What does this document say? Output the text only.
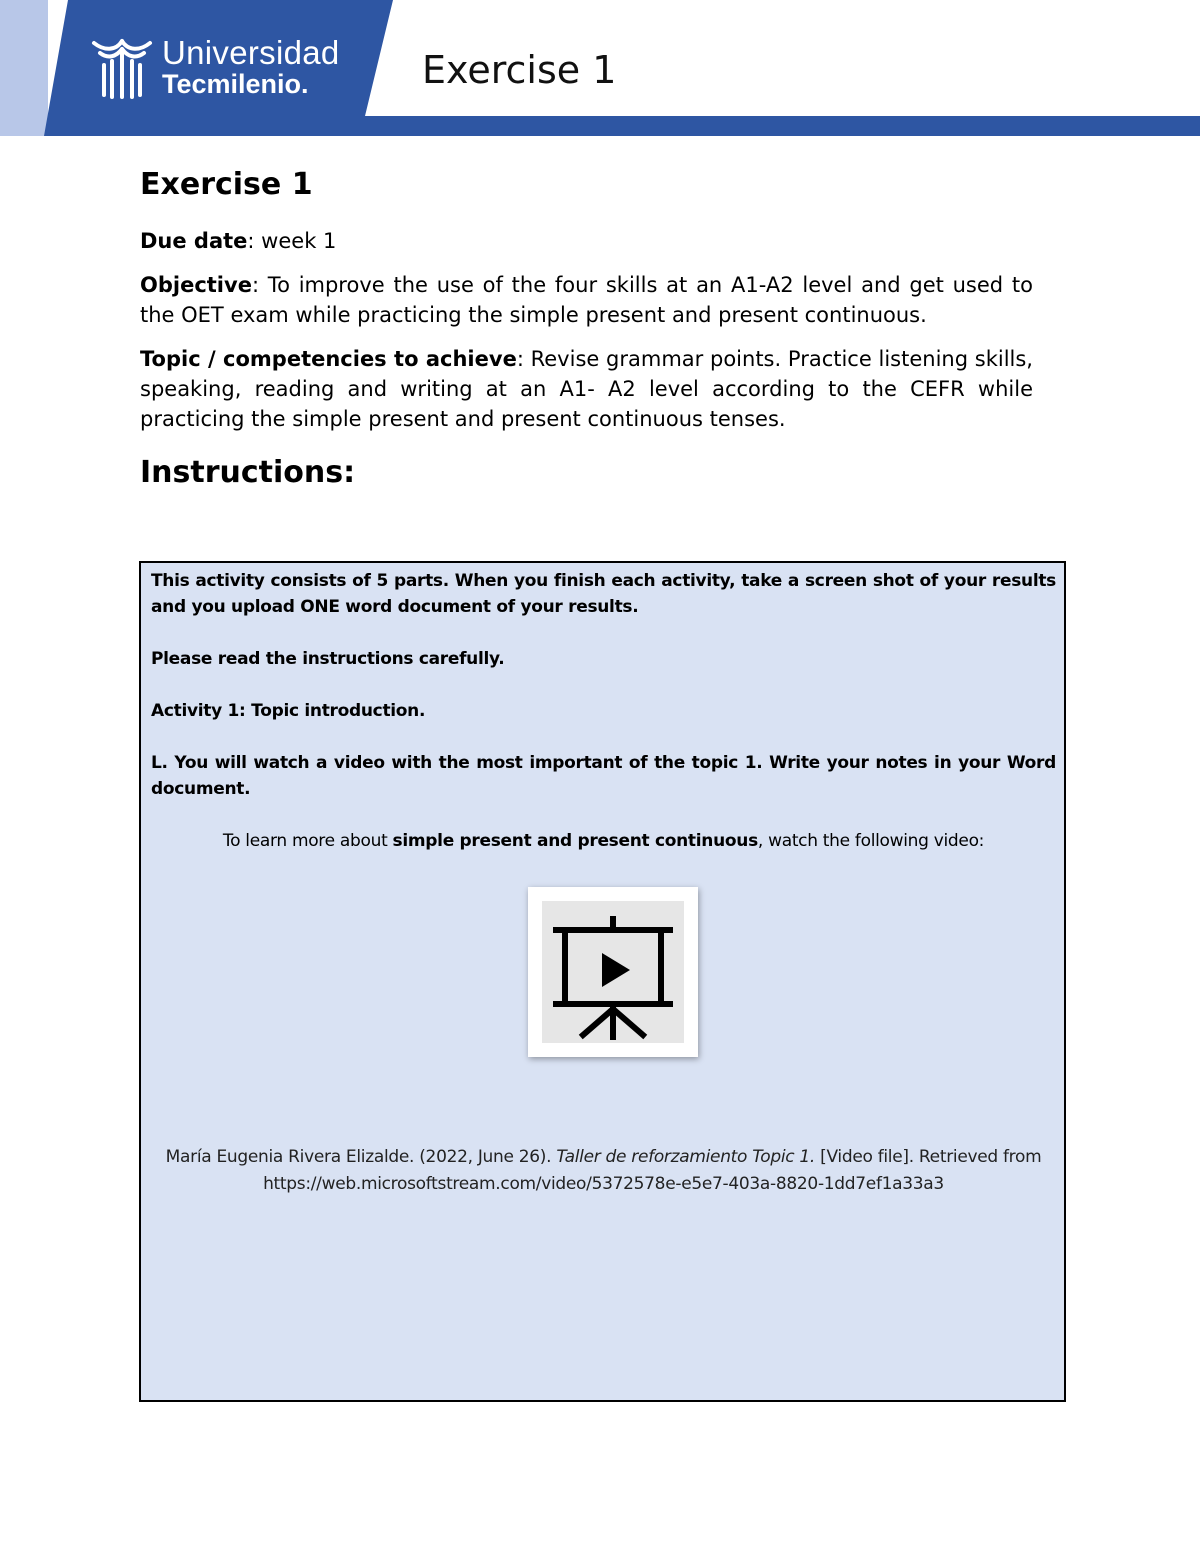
Universidad
Tecmilenio.	Exercise 1
Exercise 1

Due date: week 1

Objective: To improve the use of the four skills at an A1-A2 level and get used to the OET exam while practicing the simple present and present continuous.

Topic / competencies to achieve: Revise grammar points. Practice listening skills, speaking, reading and writing at an A1- A2 level according to the CEFR while practicing the simple present and present continuous tenses.

Instructions:

This activity consists of 5 parts. When you finish each activity, take a screen shot of your results and you upload ONE word document of your results.

Please read the instructions carefully.

Activity 1: Topic introduction.

L. You will watch a video with the most important of the topic 1. Write your notes in your Word document.

To learn more about simple present and present continuous, watch the following video:

María Eugenia Rivera Elizalde. (2022, June 26). Taller de reforzamiento Topic 1. [Video file]. Retrieved from https://web.microsoftstream.com/video/5372578e-e5e7-403a-8820-1dd7ef1a33a3
